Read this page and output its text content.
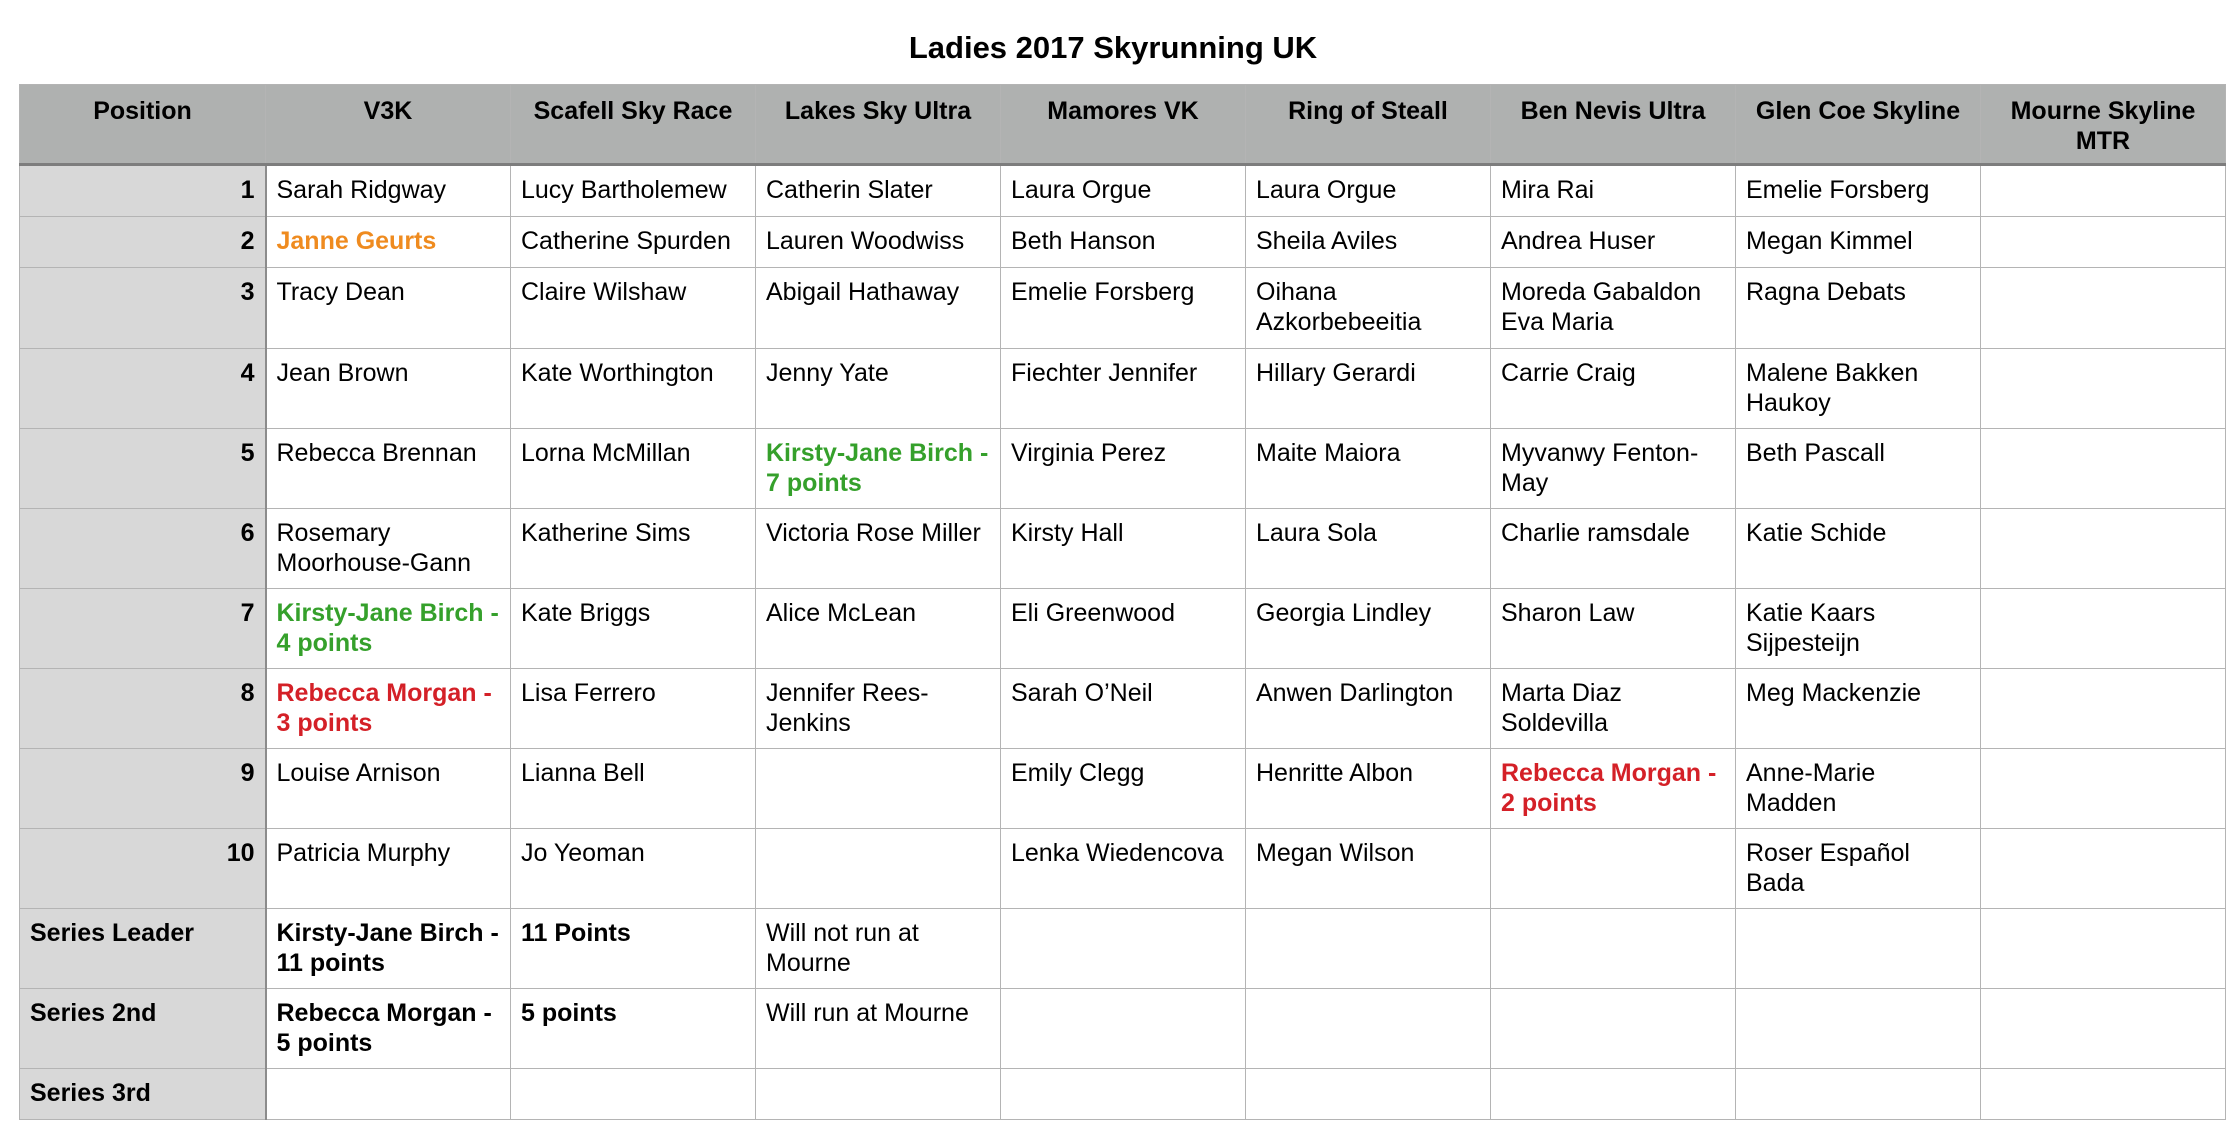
Ladies 2017 Skyrunning UK
Position	V3K	Scafell Sky Race	Lakes Sky Ultra	Mamores VK	Ring of Steall	Ben Nevis Ultra	Glen Coe Skyline	Mourne Skyline MTR
1	Sarah Ridgway	Lucy Bartholemew	Catherin Slater	Laura Orgue	Laura Orgue	Mira Rai	Emelie Forsberg	
2	Janne Geurts	Catherine Spurden	Lauren Woodwiss	Beth Hanson	Sheila Aviles	Andrea Huser	Megan Kimmel	
3	Tracy Dean	Claire Wilshaw	Abigail Hathaway	Emelie Forsberg	Oihana Azkorbebeeitia	Moreda Gabaldon Eva Maria	Ragna Debats	
4	Jean Brown	Kate Worthington	Jenny Yate	Fiechter Jennifer	Hillary Gerardi	Carrie Craig	Malene Bakken Haukoy	
5	Rebecca Brennan	Lorna McMillan	Kirsty-Jane Birch - 7 points	Virginia Perez	Maite Maiora	Myvanwy Fenton-May	Beth Pascall	
6	Rosemary Moorhouse-Gann	Katherine Sims	Victoria Rose Miller	Kirsty Hall	Laura Sola	Charlie ramsdale	Katie Schide	
7	Kirsty-Jane Birch - 4 points	Kate Briggs	Alice McLean	Eli Greenwood	Georgia Lindley	Sharon Law	Katie Kaars Sijpesteijn	
8	Rebecca Morgan - 3 points	Lisa Ferrero	Jennifer Rees-Jenkins	Sarah O’Neil	Anwen Darlington	Marta Diaz Soldevilla	Meg Mackenzie	
9	Louise Arnison	Lianna Bell		Emily Clegg	Henritte Albon	Rebecca Morgan - 2 points	Anne-Marie Madden	
10	Patricia Murphy	Jo Yeoman		Lenka Wiedencova	Megan Wilson		Roser Español Bada	
Series Leader	Kirsty-Jane Birch - 11 points	11 Points	Will not run at Mourne					
Series 2nd	Rebecca Morgan - 5 points	5 points	Will run at Mourne					
Series 3rd								
